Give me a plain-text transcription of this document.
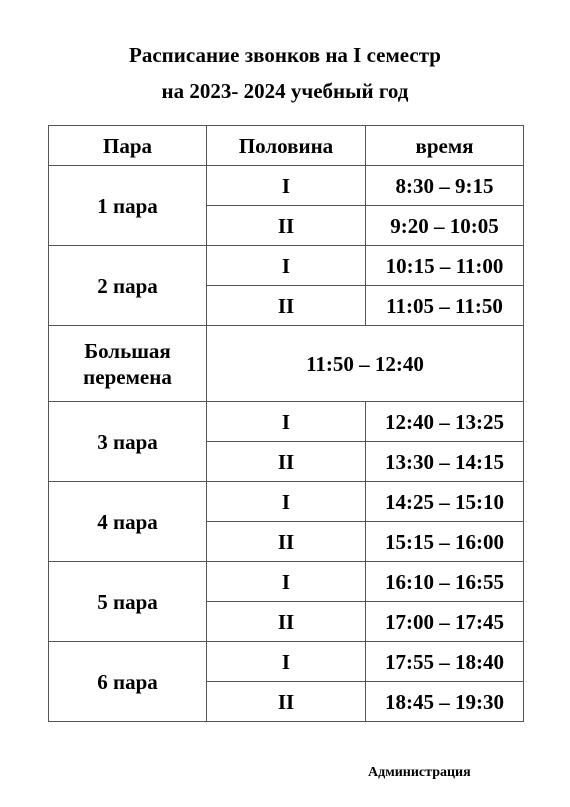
Расписание звонков на I семестр
на 2023- 2024 учебный год
Пара	Половина	время
1 пара	I	8:30 – 9:15
	II	9:20 – 10:05
2 пара	I	10:15 – 11:00
	II	11:05 – 11:50

Большая
перемена	11:50 – 12:40	
3 пара	I	12:40 – 13:25
	II	13:30 – 14:15
4 пара	I	14:25 – 15:10
	II	15:15 – 16:00
5 пара	I	16:10 – 16:55
	II	17:00 – 17:45
6 пара	I	17:55 – 18:40
	II	18:45 – 19:30
Администрация
